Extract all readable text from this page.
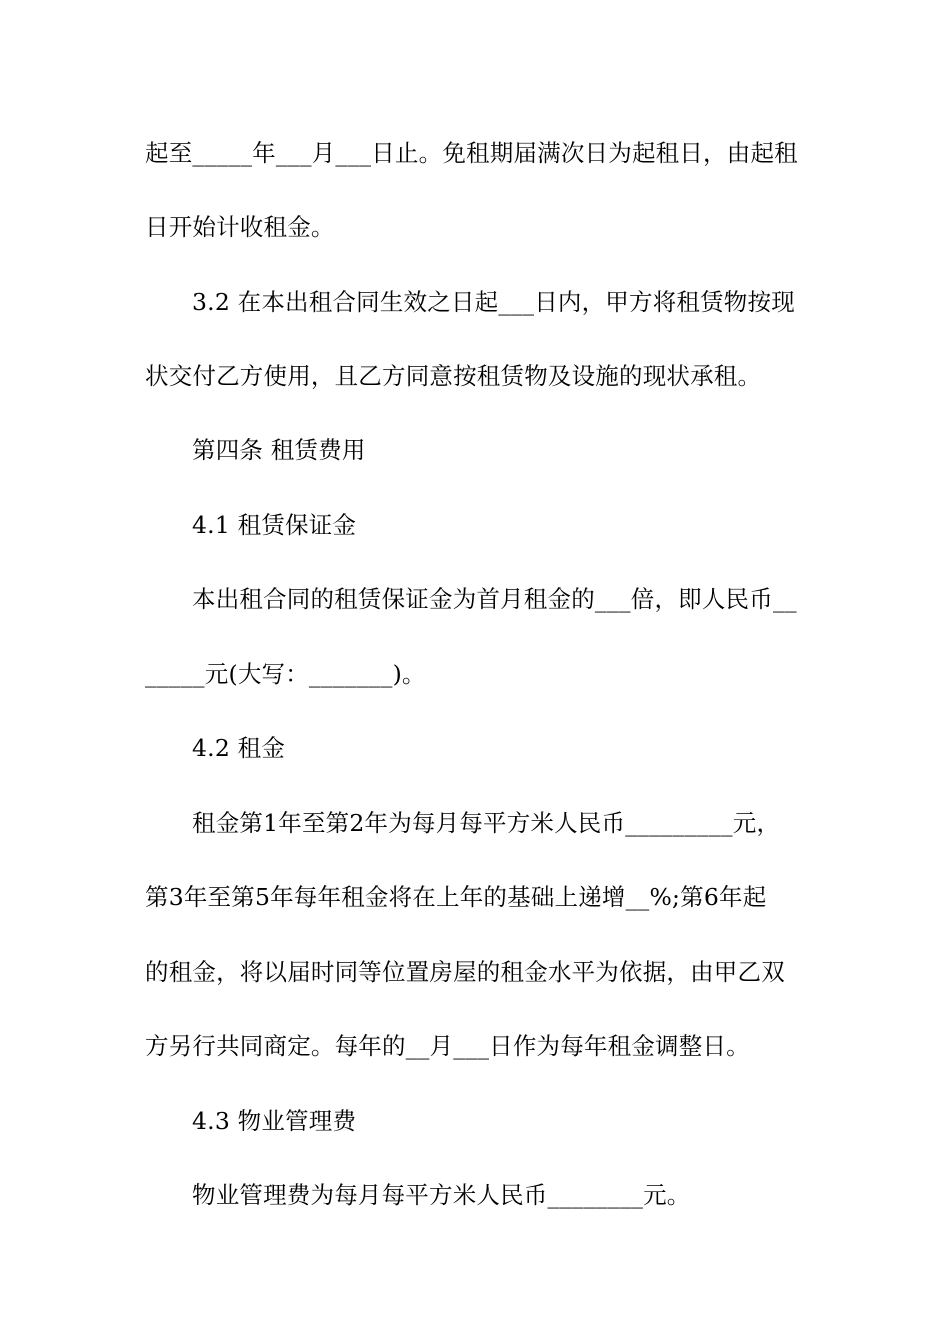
起至_____年___月___日止。免租期届满次日为起租日，由起租
日开始计收租金。
3.2 在本出租合同生效之日起___日内，甲方将租赁物按现
状交付乙方使用，且乙方同意按租赁物及设施的现状承租。
第四条 租赁费用
4.1 租赁保证金
本出租合同的租赁保证金为首月租金的___倍，即人民币__
_____元(大写：_______)。
4.2 租金
租金第1年至第2年为每月每平方米人民币_________元，
第3年至第5年每年租金将在上年的基础上递增__%;第6年起
的租金，将以届时同等位置房屋的租金水平为依据，由甲乙双
方另行共同商定。每年的__月___日作为每年租金调整日。
4.3 物业管理费
物业管理费为每月每平方米人民币________元。
